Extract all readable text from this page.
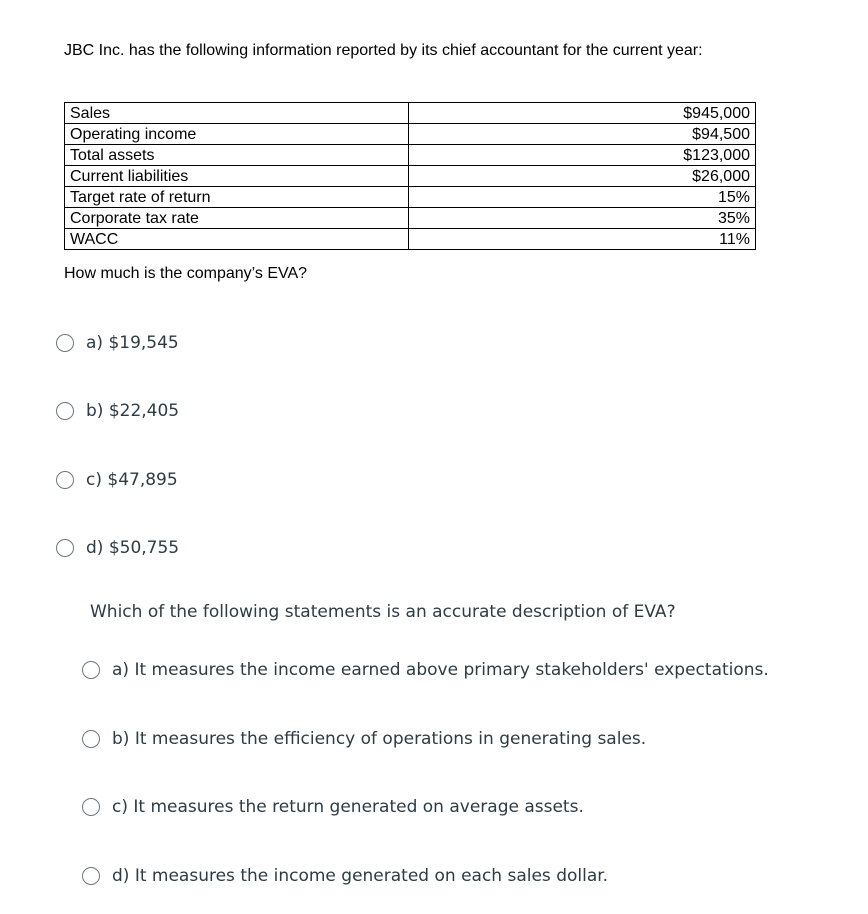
JBC Inc. has the following information reported by its chief accountant for the current year:

Sales	$945,000
Operating income	$94,500
Total assets	$123,000
Current liabilities	$26,000
Target rate of return	15%
Corporate tax rate	35%
WACC	11%

How much is the company’s EVA?

a) $19,545
b) $22,405
c) $47,895
d) $50,755

Which of the following statements is an accurate description of EVA?

a) It measures the income earned above primary stakeholders' expectations.
b) It measures the efficiency of operations in generating sales.
c) It measures the return generated on average assets.
d) It measures the income generated on each sales dollar.
